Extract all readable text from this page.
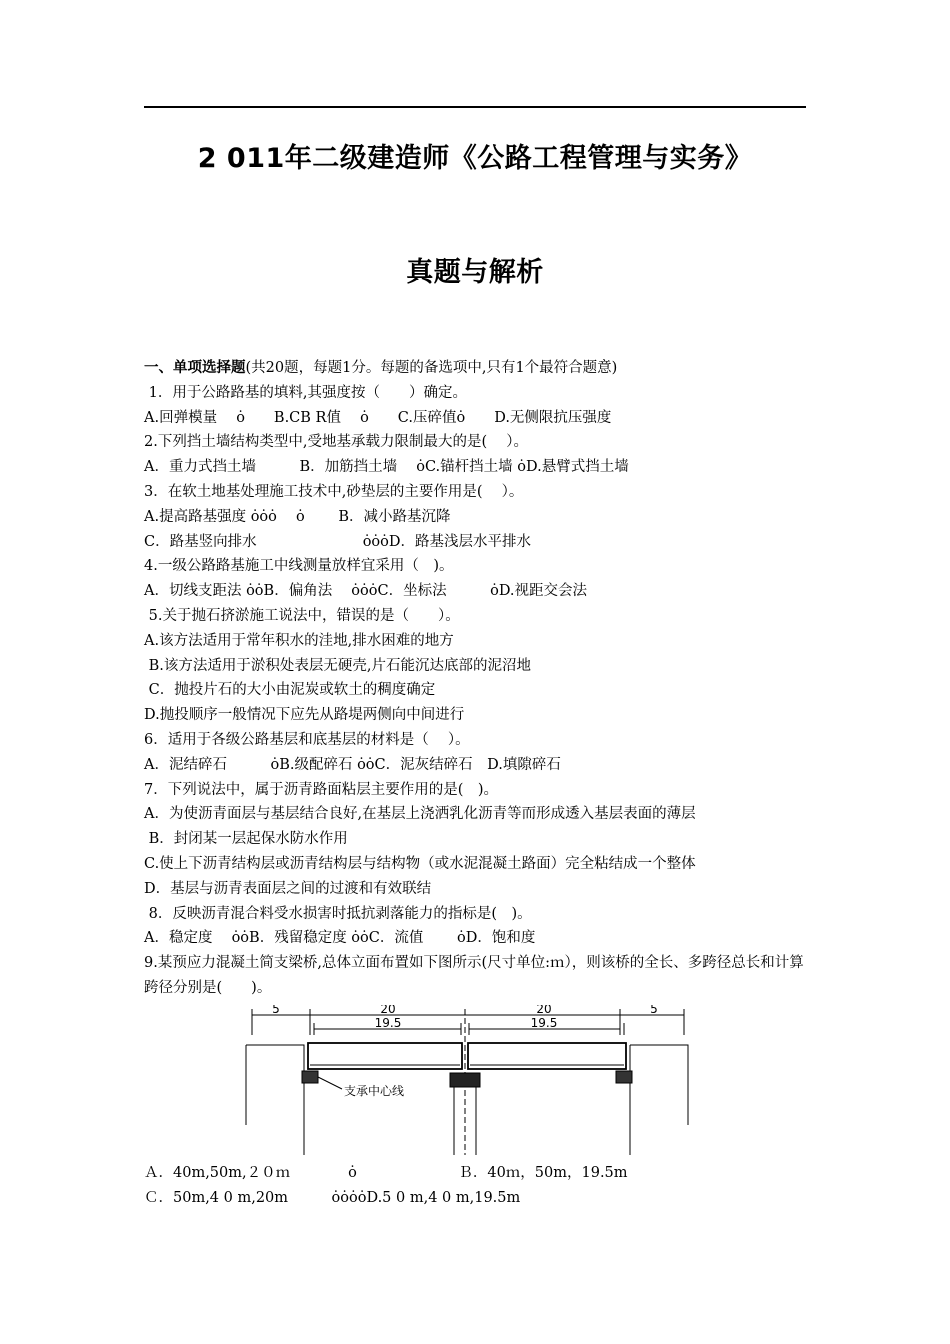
2 011年二级建造师《公路工程管理与实务》
真题与解析
一、单项选择题(共20题，每题1分。每题的备选项中,只有1个最符合题意)
1．用于公路路基的填料,其强度按（　　）确定。
A.回弹模量　 ȯ　　B.CB R值　 ȯ　　C.压碎值ȯ　　D.无侧限抗压强度
2.下列挡土墙结构类型中,受地基承载力限制最大的是(　 ）。
A．重力式挡土墙　　　B．加筋挡土墙　 ȯC.锚杆挡土墙 ȯD.悬臂式挡土墙
3．在软土地基处理施工技术中,砂垫层的主要作用是(　 ）。
A.提高路基强度 ȯȯȯ　 ȯ　　 B．减小路基沉降
C．路基竖向排水　　　　　　　 ȯȯȯD．路基浅层水平排水
4.一级公路路基施工中线测量放样宜采用（　)。
A．切线支距法 ȯȯB．偏角法　 ȯȯȯC．坐标法　　　ȯD.视距交会法
5.关于抛石挤淤施工说法中，错误的是（　　）。
A.该方法适用于常年积水的洼地,排水困难的地方
B.该方法适用于淤积处表层无硬壳,片石能沉达底部的泥沼地
C．抛投片石的大小由泥炭或软土的稠度确定
D.抛投顺序一般情况下应先从路堤两侧向中间进行
6．适用于各级公路基层和底基层的材料是（　 ）。
A．泥结碎石　　　ȯB.级配碎石 ȯȯC．泥灰结碎石　D.填隙碎石
7．下列说法中，属于沥青路面粘层主要作用的是(　)。
A．为使沥青面层与基层结合良好,在基层上浇洒乳化沥青等而形成透入基层表面的薄层
B．封闭某一层起保水防水作用
C.使上下沥青结构层或沥青结构层与结构物（或水泥混凝土路面）完全粘结成一个整体
D．基层与沥青表面层之间的过渡和有效联结
8．反映沥青混合料受水损害时抵抗剥落能力的指标是(　)。
A．稳定度　 ȯȯB．残留稳定度 ȯȯC．流值　　 ȯD．饱和度
9.某预应力混凝土简支梁桥,总体立面布置如下图所示(尺寸单位:ｍ），则该桥的全长、多跨径总长和计算跨径分别是(　　)。
5	20
19.5
20
19.5
5
支承中心线
Ａ．40m,50m,２０ｍ　　　　ȯ　　　　　　　Ｂ．40ｍ，50m，19.5m
Ｃ．50m,4 0 m,20m　　　ȯȯȯȯD.5 0 m,4 0 m,19.5m
